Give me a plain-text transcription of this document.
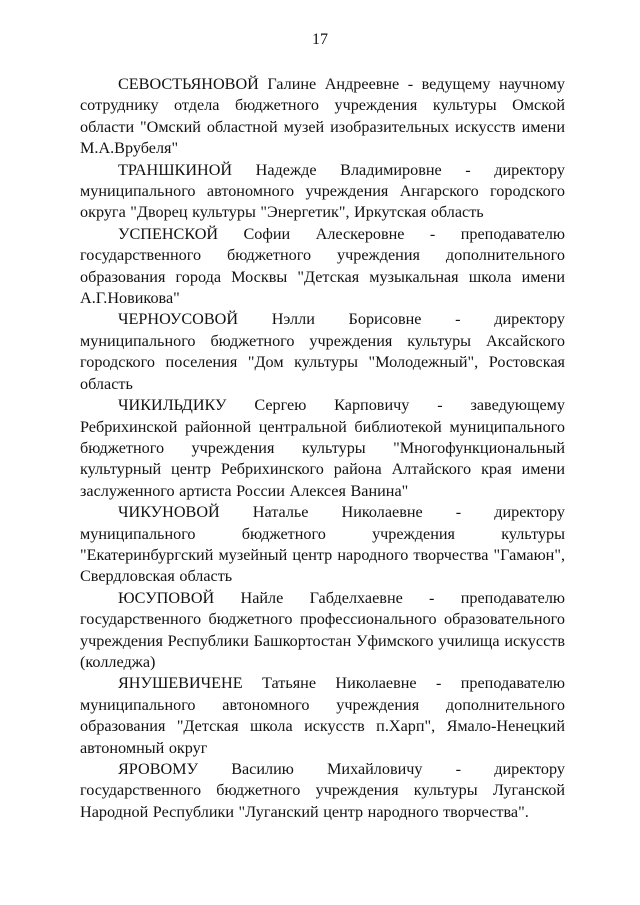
17

СЕВОСТЬЯНОВОЙ Галине Андреевне - ведущему научному сотруднику отдела бюджетного учреждения культуры Омской области "Омский областной музей изобразительных искусств имени М.А.Врубеля"

ТРАНШКИНОЙ Надежде Владимировне - директору муниципального автономного учреждения Ангарского городского округа "Дворец культуры "Энергетик", Иркутская область

УСПЕНСКОЙ Софии Алескеровне - преподавателю государственного бюджетного учреждения дополнительного образования города Москвы "Детская музыкальная школа имени А.Г.Новикова"

ЧЕРНОУСОВОЙ Нэлли Борисовне - директору муниципального бюджетного учреждения культуры Аксайского городского поселения "Дом культуры "Молодежный", Ростовская область

ЧИКИЛЬДИКУ Сергею Карповичу - заведующему Ребрихинской районной центральной библиотекой муниципального бюджетного учреждения культуры "Многофункциональный культурный центр Ребрихинского района Алтайского края имени заслуженного артиста России Алексея Ванина"

ЧИКУНОВОЙ Наталье Николаевне - директору муниципального бюджетного учреждения культуры "Екатеринбургский музейный центр народного творчества "Гамаюн", Свердловская область

ЮСУПОВОЙ Найле Габделхаевне - преподавателю государственного бюджетного профессионального образовательного учреждения Республики Башкортостан Уфимского училища искусств (колледжа)

ЯНУШЕВИЧЕНЕ Татьяне Николаевне - преподавателю муниципального автономного учреждения дополнительного образования "Детская школа искусств п.Харп", Ямало-Ненецкий автономный округ

ЯРОВОМУ Василию Михайловичу - директору государственного бюджетного учреждения культуры Луганской Народной Республики "Луганский центр народного творчества".
